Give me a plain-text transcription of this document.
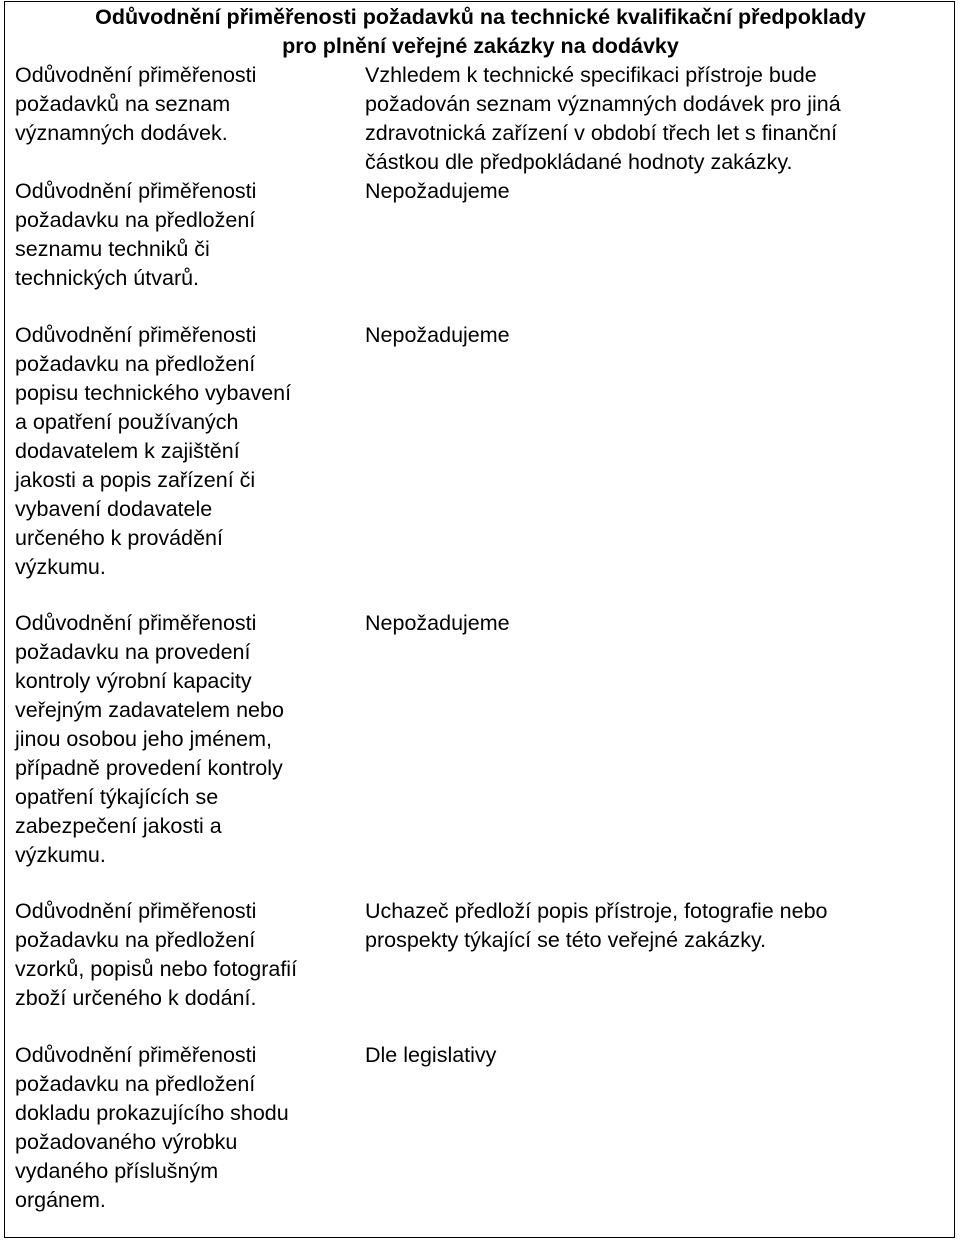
Odůvodnění přiměřenosti požadavků na technické kvalifikační předpoklady
pro plnění veřejné zakázky na dodávky
Odůvodnění přiměřenosti
požadavků na seznam
významných dodávek.
Vzhledem k technické specifikaci přístroje bude
požadován seznam významných dodávek pro jiná
zdravotnická zařízení v období třech let s finanční
částkou dle předpokládané hodnoty zakázky.
Odůvodnění přiměřenosti
požadavku na předložení
seznamu techniků či
technických útvarů.
Nepožadujeme
Odůvodnění přiměřenosti
požadavku na předložení
popisu technického vybavení
a opatření používaných
dodavatelem k zajištění
jakosti a popis zařízení či
vybavení dodavatele
určeného k provádění
výzkumu.
Nepožadujeme
Odůvodnění přiměřenosti
požadavku na provedení
kontroly výrobní kapacity
veřejným zadavatelem nebo
jinou osobou jeho jménem,
případně provedení kontroly
opatření týkajících se
zabezpečení jakosti a
výzkumu.
Nepožadujeme
Odůvodnění přiměřenosti
požadavku na předložení
vzorků, popisů nebo fotografií
zboží určeného k dodání.
Uchazeč předloží popis přístroje, fotografie nebo
prospekty týkající se této veřejné zakázky.
Odůvodnění přiměřenosti
požadavku na předložení
dokladu prokazujícího shodu
požadovaného výrobku
vydaného příslušným
orgánem.
Dle legislativy
